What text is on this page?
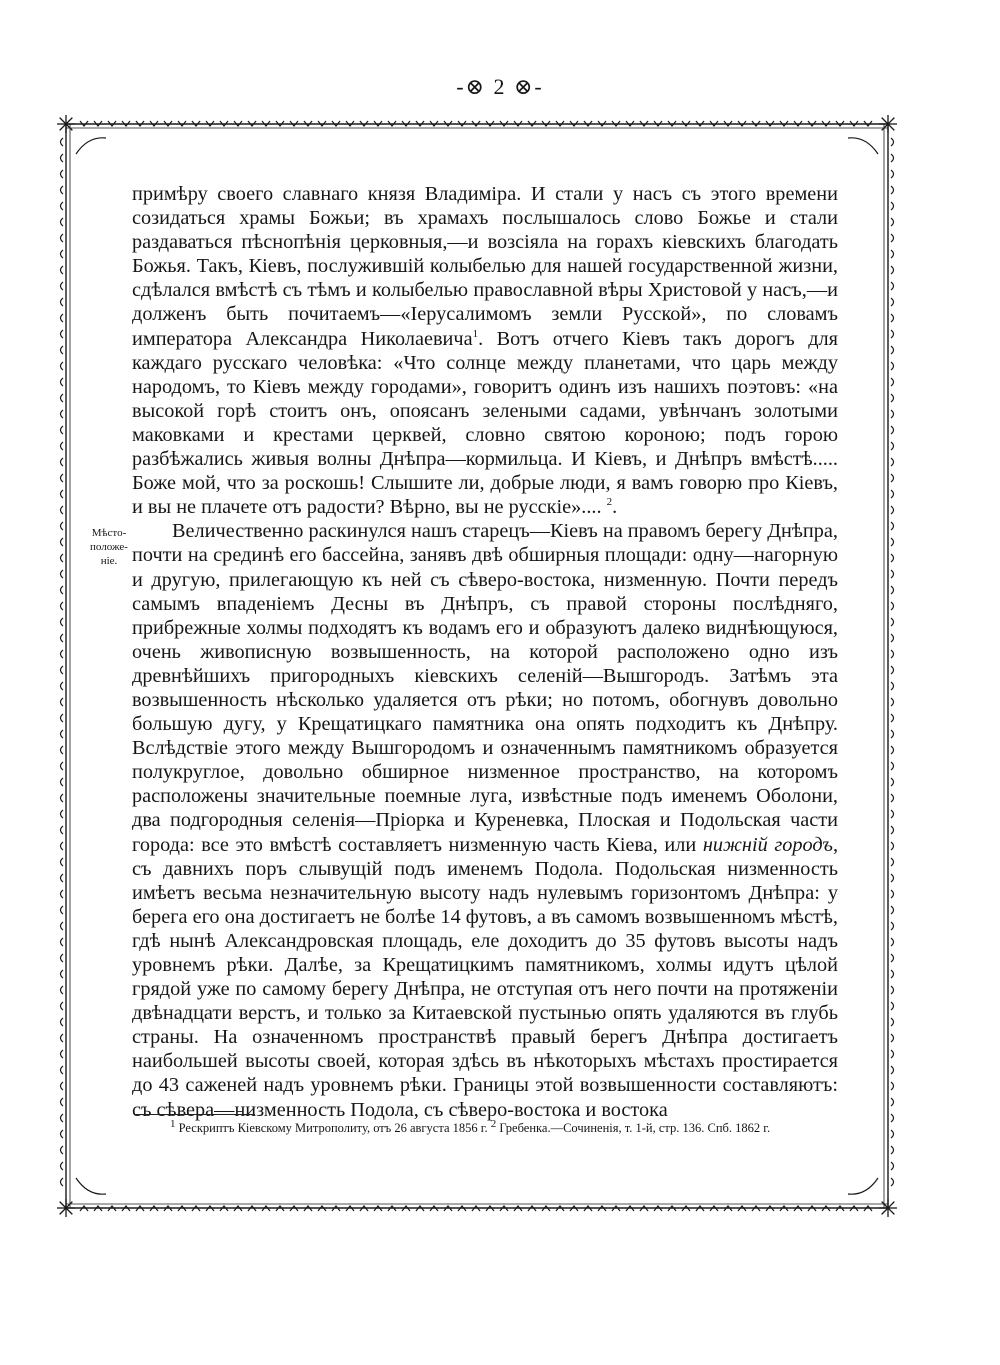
-⊗ 2 ⊗-
Мѣсто-положе-ніе.

примѣру своего славнаго князя Владиміра. И стали у насъ съ этого времени созидаться храмы Божьи; въ храмахъ послышалось слово Божье и стали раздаваться пѣснопѣнія церковныя,—и возсіяла на горахъ кіевскихъ благодать Божья. Такъ, Кіевъ, послужившій колыбелью для нашей государственной жизни, сдѣлался вмѣстѣ съ тѣмъ и колыбелью православной вѣры Христовой у насъ,—и долженъ быть почитаемъ—«Іерусалимомъ земли Русской», по словамъ императора Александра Николаевича$^1$. Вотъ отчего Кіевъ такъ дорогъ для каждаго русскаго человѣка: «Что солнце между планетами, что царь между народомъ, то Кіевъ между городами», говоритъ одинъ изъ нашихъ поэтовъ: «на высокой горѣ стоитъ онъ, опоясанъ зелеными садами, увѣнчанъ золотыми маковками и крестами церквей, словно святою короною; подъ горою разбѣжались живыя волны Днѣпра—кормильца. И Кіевъ, и Днѣпръ вмѣстѣ..... Боже мой, что за роскошь! Слышите ли, добрые люди, я вамъ говорю про Кіевъ, и вы не плачете отъ радости? Вѣрно, вы не русскіе».... $^2$.

Величественно раскинулся нашъ старецъ—Кіевъ на правомъ берегу Днѣпра, почти на срединѣ его бассейна, занявъ двѣ обширныя площади: одну—нагорную и другую, прилегающую къ ней съ сѣверо-востока, низменную. Почти передъ самымъ впаденіемъ Десны въ Днѣпръ, съ правой стороны послѣдняго, прибрежные холмы подходятъ къ водамъ его и образуютъ далеко виднѣющуюся, очень живописную возвышенность, на которой расположено одно изъ древнѣйшихъ пригородныхъ кіевскихъ селеній—Вышгородъ. Затѣмъ эта возвышенность нѣсколько удаляется отъ рѣки; но потомъ, обогнувъ довольно большую дугу, у Крещатицкаго памятника она опять подходитъ къ Днѣпру. Вслѣдствіе этого между Вышгородомъ и означеннымъ памятникомъ образуется полукруглое, довольно обширное низменное пространство, на которомъ расположены значительные поемные луга, извѣстные подъ именемъ Оболони, два подгородныя селенія—Пріорка и Куреневка, Плоская и Подольская части города: все это вмѣстѣ составляетъ низменную часть Кіева, или нижній городъ, съ давнихъ поръ слывущій подъ именемъ Подола. Подольская низменность имѣетъ весьма незначительную высоту надъ нулевымъ горизонтомъ Днѣпра: у берега его она достигаетъ не болѣе 14 футовъ, а въ самомъ возвышенномъ мѣстѣ, гдѣ нынѣ Александровская площадь, еле доходитъ до 35 футовъ высоты надъ уровнемъ рѣки. Далѣе, за Крещатицкимъ памятникомъ, холмы идутъ цѣлой грядой уже по самому берегу Днѣпра, не отступая отъ него почти на протяженіи двѣнадцати верстъ, и только за Китаевской пустынью опять удаляются въ глубь страны. На означенномъ пространствѣ правый берегъ Днѣпра достигаетъ наибольшей высоты своей, которая здѣсь въ нѣкоторыхъ мѣстахъ простирается до 43 саженей надъ уровнемъ рѣки. Границы этой возвышенности составляютъ: съ сѣвера—низменность Подола, съ сѣверо-востока и востока

$^1$ Рескриптъ Кіевскому Митрополиту, отъ 26 августа 1856 г. $^2$ Гребенка.—Сочиненія, т. 1-й, стр. 136. Спб. 1862 г.
